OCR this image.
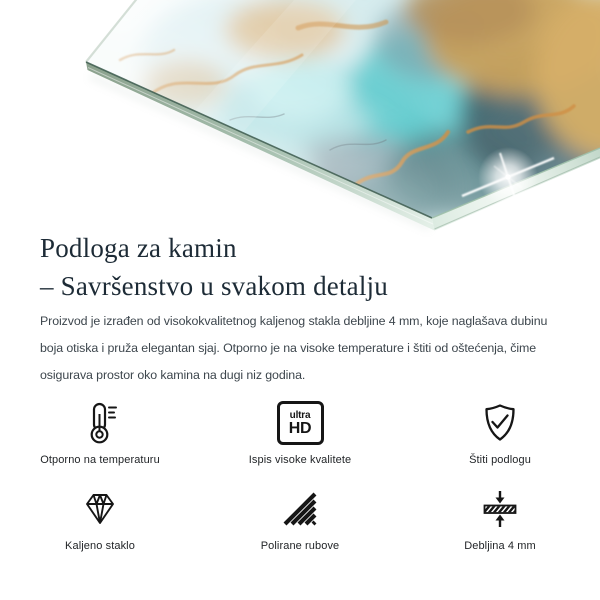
Podloga za kamin
– Savršenstvo u svakom detalju
Proizvod je izrađen od visokokvalitetnog kaljenog stakla debljine 4 mm, koje naglašava dubinu
boja otiska i pruža elegantan sjaj. Otporno je na visoke temperature i štiti od oštećenja, čime
osigurava prostor oko kamina na dugi niz godina.
Otporno na temperaturu
ultra
HD
Ispis visoke kvalitete	Štiti podlogu
Kaljeno staklo	Polirane rubove	Debljina 4 mm
